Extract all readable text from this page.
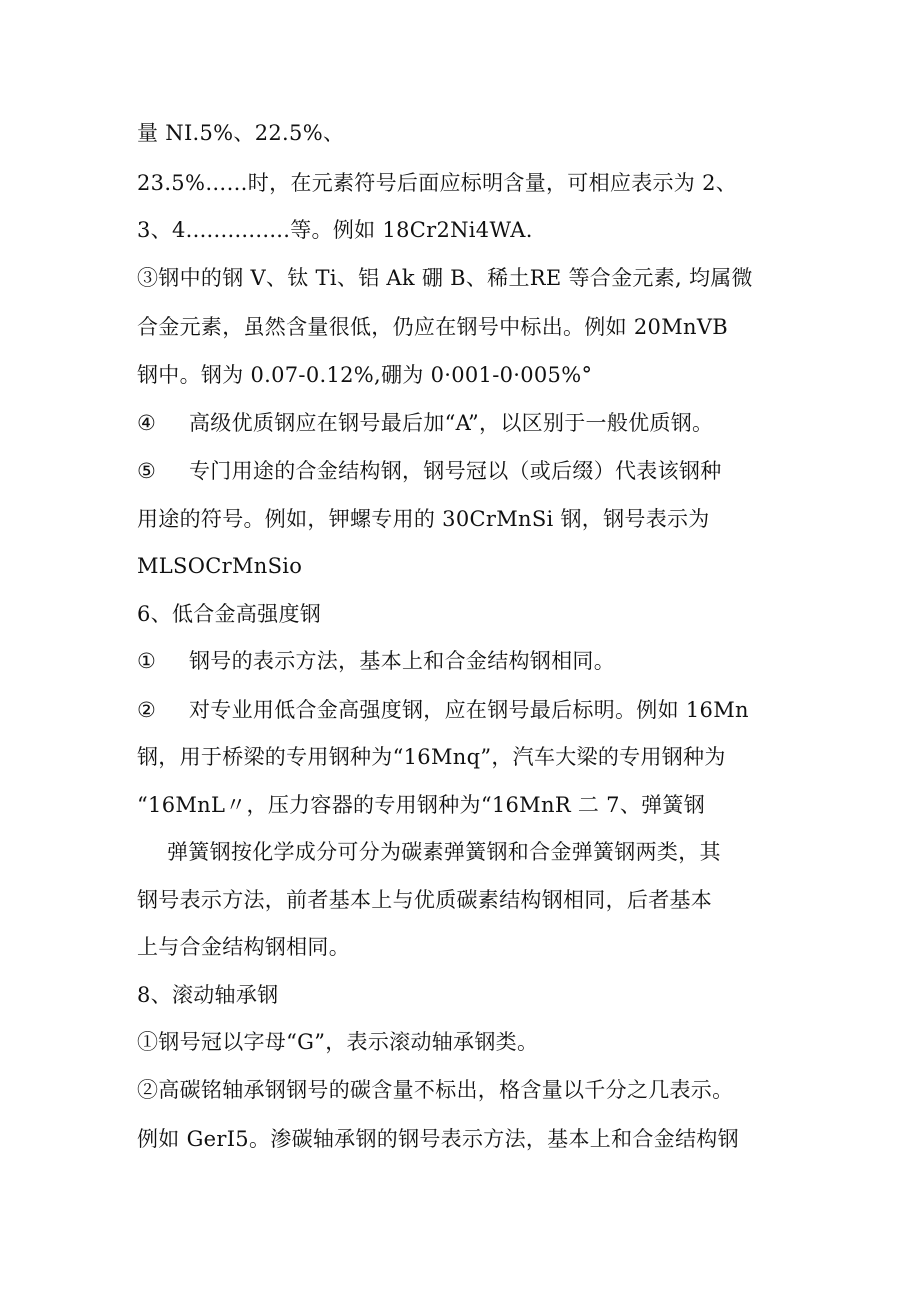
量 NI.5%、22.5%、
23.5%……时，在元素符号后面应标明含量，可相应表示为 2、
3、4...............等。例如 18Cr2Ni4WA.
③钢中的钢 V、钛 Ti、铝 Ak 硼 B、稀土RE 等合金元素, 均属微
合金元素，虽然含量很低，仍应在钢号中标出。例如 20MnVB
钢中。钢为 0.07-0.12%,硼为 0·001-0·005%°
④ 高级优质钢应在钢号最后加“A”，以区别于一般优质钢。
⑤ 专门用途的合金结构钢，钢号冠以（或后缀）代表该钢种
用途的符号。例如，钾螺专用的 30CrMnSi 钢，钢号表示为
MLSOCrMnSio
6、低合金高强度钢
① 钢号的表示方法，基本上和合金结构钢相同。
② 对专业用低合金高强度钢，应在钢号最后标明。例如 16Mn
钢，用于桥梁的专用钢种为“16Mnq”，汽车大梁的专用钢种为
“16MnL〃，压力容器的专用钢种为“16MnR 二 7、弹簧钢
弹簧钢按化学成分可分为碳素弹簧钢和合金弹簧钢两类，其
钢号表示方法，前者基本上与优质碳素结构钢相同，后者基本
上与合金结构钢相同。
8、滚动轴承钢
①钢号冠以字母“G”，表示滚动轴承钢类。
②高碳铭轴承钢钢号的碳含量不标出，格含量以千分之几表示。
例如 GerI5。渗碳轴承钢的钢号表示方法，基本上和合金结构钢
